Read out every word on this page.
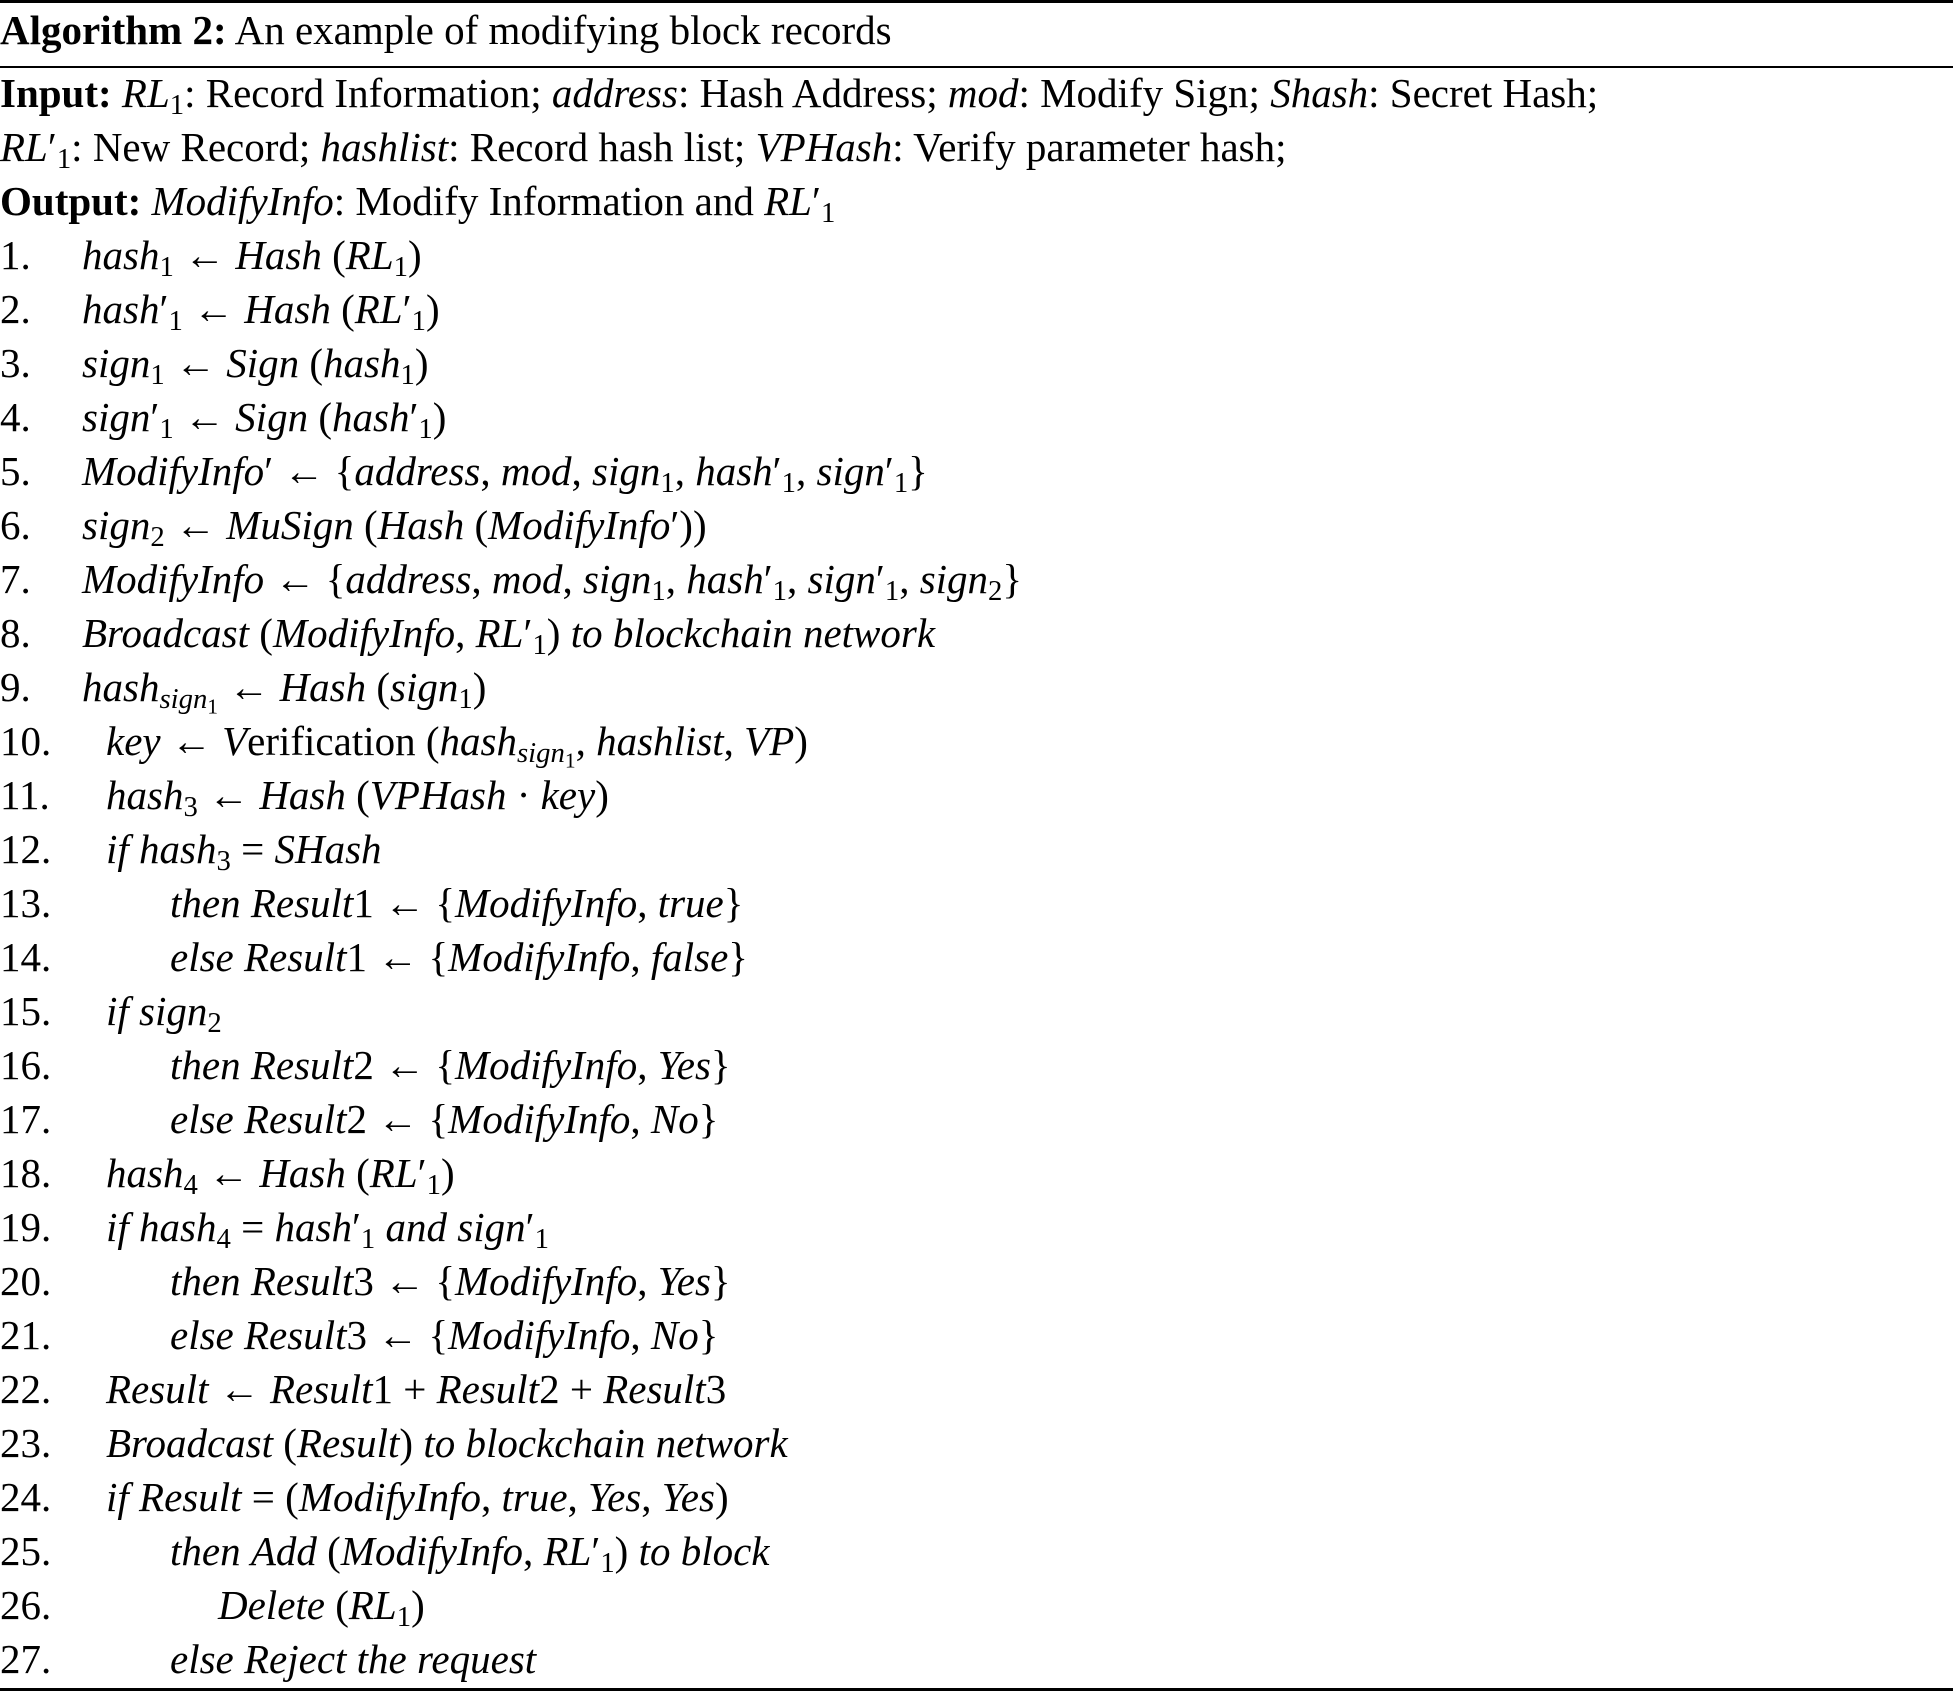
Algorithm 2: An example of modifying block records
Input: $RL_1$: Record Information; address: Hash Address; mod: Modify Sign; Shash: Secret Hash;
$RL'_1$: New Record; hashlist: Record hash list; VPHash: Verify parameter hash;
Output: ModifyInfo: Modify Information and $RL'_1$
1.	hash$_1$ ← Hash $(RL_1)$
2.	$hash'_1$ ← Hash $(RL'_1)$
3.	sign$_1$ ← Sign (hash$_1$)
4.	$sign'_1$ ← Sign $(hash'_1)$
5.	ModifyInfo′ ← {address, mod, sign$_1$, $hash'_1$, $sign'_1$}
6.	sign$_2$ ← MuSign (Hash (ModifyInfo′))
7.	ModifyInfo ← {address, mod, sign$_1$, $hash'_1$, $sign'_1$, sign$_2$}
8.	Broadcast (ModifyInfo, $RL'_1$) to blockchain network
9.	hash$_{sign_1}$ ← Hash (sign$_1$)
10.	key ← Verification (hash$_{sign_1}$, hashlist, VP)
11.	hash$_3$ ← Hash (VPHash · key)
12.	if hash$_3$ = SHash
13.	then Result1 ← {ModifyInfo, true}
14.	else Result1 ← {ModifyInfo, false}
15.	if sign$_2$
16.	then Result2 ← {ModifyInfo, Yes}
17.	else Result2 ← {ModifyInfo, No}
18.	hash$_4$ ← Hash $(RL'_1)$
19.	if hash$_4$ = $hash'_1$ and $sign'_1$
20.	then Result3 ← {ModifyInfo, Yes}
21.	else Result3 ← {ModifyInfo, No}
22.	Result ← Result1 + Result2 + Result3
23.	Broadcast (Result) to blockchain network
24.	if Result = (ModifyInfo, true, Yes, Yes)
25.	then Add (ModifyInfo, $RL'_1$) to block
26.	Delete $(RL_1)$
27.	else Reject the request
